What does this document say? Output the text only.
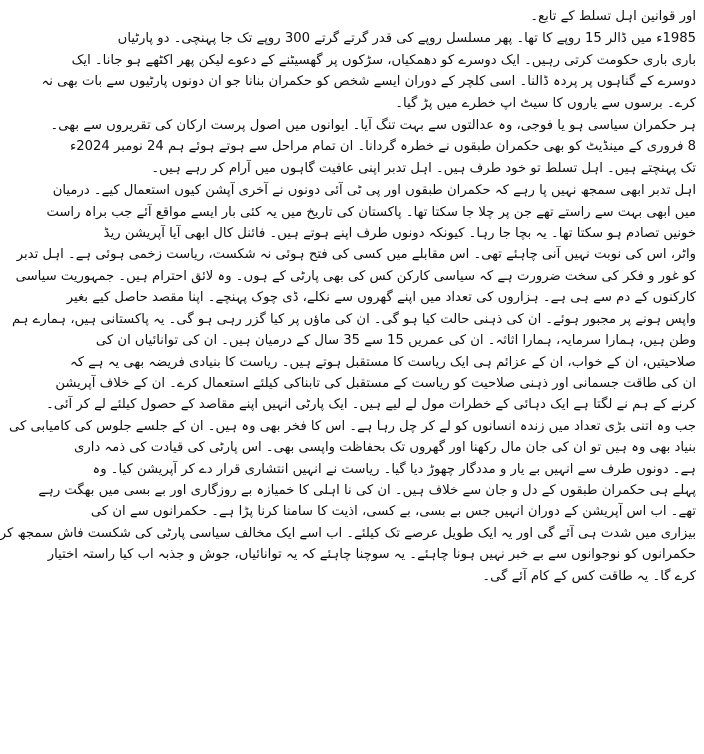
اور قوانین اہل تسلط کے تابع۔
1985ء میں ڈالر 15 روپے کا تھا۔ پھر مسلسل روپے کی قدر گرتے گرتے 300 روپے تک جا پہنچی۔ دو پارٹیاں
باری باری حکومت کرتی رہیں۔ ایک دوسرے کو دھمکیاں، سڑکوں پر گھسیٹنے کے دعوے لیکن پھر اکٹھے ہو جانا۔ ایک
دوسرے کے گناہوں پر پردہ ڈالنا۔ اسی کلچر کے دوران ایسے شخص کو حکمران بنانا جو ان دونوں پارٹیوں سے بات بھی نہ
کرے۔ برسوں سے یاروں کا سیٹ اپ خطرے میں پڑ گیا۔
ہر حکمران سیاسی ہو یا فوجی، وہ عدالتوں سے بہت تنگ آیا۔ ایوانوں میں اصول پرست ارکان کی تقریروں سے بھی۔
8 فروری کے مینڈیٹ کو بھی حکمران طبقوں نے خطرہ گردانا۔ ان تمام مراحل سے ہوتے ہوئے ہم 24 نومبر 2024ء
تک پہنچتے ہیں۔ اہل تسلط تو خود طرف ہیں۔ اہل تدبر اپنی عافیت گاہوں میں آرام کر رہے ہیں۔
اہل تدبر ابھی سمجھ نہیں پا رہے کہ حکمران طبقوں اور پی ٹی آئی دونوں نے آخری آپشن کیوں استعمال کیے۔ درمیان
میں ابھی بہت سے راستے تھے جن پر چلا جا سکتا تھا۔ پاکستان کی تاریخ میں یہ کئی بار ایسے مواقع آئے جب براہ راست
خونیں تصادم ہو سکتا تھا۔ یہ بچا جا رہا۔ کیونکہ دونوں طرف اپنے ہوتے ہیں۔ فائنل کال ابھی آیا آپریشن ریڈ
واٹر، اس کی نوبت نہیں آنی چاہئے تھی۔ اس مقابلے میں کسی کی فتح ہوئی نہ شکست، ریاست زخمی ہوئی ہے۔ اہل تدبر
کو غور و فکر کی سخت ضرورت ہے کہ سیاسی کارکن کس کی بھی پارٹی کے ہوں۔ وہ لائق احترام ہیں۔ جمہوریت سیاسی
کارکنوں کے دم سے ہی ہے۔ ہزاروں کی تعداد میں اپنے گھروں سے نکلے، ڈی چوک پہنچے۔ اپنا مقصد حاصل کیے بغیر
واپس ہونے پر مجبور ہوئے۔ ان کی ذہنی حالت کیا ہو گی۔ ان کی ماؤں پر کیا گزر رہی ہو گی۔ یہ پاکستانی ہیں، ہمارے ہم
وطن ہیں، ہمارا سرمایہ، ہمارا اثاثہ۔ ان کی عمریں 15 سے 35 سال کے درمیان ہیں۔ ان کی توانائیاں ان کی
صلاحیتیں، ان کے خواب، ان کے عزائم ہی ایک ریاست کا مستقبل ہوتے ہیں۔ ریاست کا بنیادی فریضہ بھی یہ ہے کہ
ان کی طاقت جسمانی اور ذہنی صلاحیت کو ریاست کے مستقبل کی تابناکی کیلئے استعمال کرے۔ ان کے خلاف آپریشن
کرنے کے ہم نے لگتا ہے ایک دہائی کے خطرات مول لے لیے ہیں۔ ایک پارٹی انہیں اپنے مقاصد کے حصول کیلئے لے کر آئی۔
جب وہ اتنی بڑی تعداد میں زندہ انسانوں کو لے کر چل رہا ہے۔ اس کا فخر بھی وہ ہیں۔ ان کے جلسے جلوس کی کامیابی کی
بنیاد بھی وہ ہیں تو ان کی جان مال رکھنا اور گھروں تک بحفاظت واپسی بھی۔ اس پارٹی کی قیادت کی ذمہ داری
ہے۔ دونوں طرف سے انہیں بے یار و مددگار چھوڑ دیا گیا۔ ریاست نے انہیں انتشاری قرار دے کر آپریشن کیا۔ وہ
پہلے ہی حکمران طبقوں کے دل و جان سے خلاف ہیں۔ ان کی نا اہلی کا خمیازہ بے روزگاری اور بے بسی میں بھگت رہے
تھے۔ اب اس آپریشن کے دوران انہیں جس بے بسی، بے کسی، اذیت کا سامنا کرنا پڑا ہے۔ حکمرانوں سے ان کی
بیزاری میں شدت ہی آئے گی اور یہ ایک طویل عرصے تک کیلئے۔ اب اسے ایک مخالف سیاسی پارٹی کی شکست فاش سمجھ کر
حکمرانوں کو نوجوانوں سے بے خبر نہیں ہونا چاہئے۔ یہ سوچنا چاہئے کہ یہ توانائیاں، جوش و جذبہ اب کیا راستہ اختیار
کرے گا۔ یہ طاقت کس کے کام آئے گی۔
